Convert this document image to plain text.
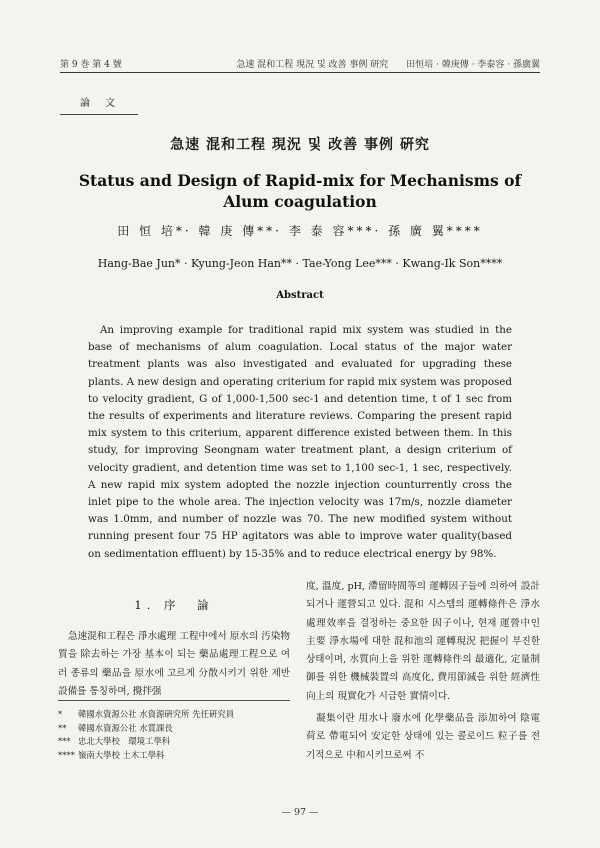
第 9 巻 第 4 號	急速 混和工程 現況 및 改善 事例 研究　　田恒培 · 韓庚傳 · 李泰容 · 孫廣翼
論 文
急速 混和工程 現況 및 改善 事例 硏究
Status and Design of Rapid-mix for Mechanisms of
Alum coagulation
田 恒 培*· 韓 庚 傳**· 李 泰 容***· 孫 廣 翼****
Hang-Bae Jun* · Kyung-Jeon Han** · Tae-Yong Lee*** · Kwang-Ik Son****
Abstract
An improving example for traditional rapid mix system was studied in the base of mechanisms of alum coagulation. Local status of the major water treatment plants was also investigated and evaluated for upgrading these plants. A new design and operating criterium for rapid mix system was proposed to velocity gradient, G of 1,000-1,500 sec-1 and detention time, t of 1 sec from the results of experiments and literature reviews. Comparing the present rapid mix system to this criterium, apparent difference existed between them. In this study, for improving Seongnam water treatment plant, a design criterium of velocity gradient, and detention time was set to 1,100 sec-1, 1 sec, respectively. A new rapid mix system adopted the nozzle injection counturrently cross the inlet pipe to the whole area. The injection velocity was 17m/s, nozzle diameter was 1.0mm, and number of nozzle was 70. The new modified system without running present four 75 HP agitators was able to improve water quality(based on sedimentation effluent) by 15-35% and to reduce electrical energy by 98%.
1. 序　論
急速混和工程은 淨水處理 工程中에서 原水의 汚染物質을 除去하는 가장 基本이 되는 藥品處理工程으로 여러 종류의 藥品을 原水에 고르게 分散시키기 위한 제반設備를 통칭하며, 攪拌强
* 韓國水資源公社 水資源硏究所 先任硏究員
** 韓國水資源公社 水質課長
*** 忠北大學校　環境工學科
**** 嶺南大學校 土木工學科

度, 溫度, pH, 滯留時間等의 運轉因子들에 의하여 設計되거나 運營되고 있다. 混和 시스템의 運轉條件은 淨水處理效率을 결정하는 중요한 因子이나, 현재 運營中인 主要 淨水場에 대한 混和池의 運轉現況 把握이 부진한 상태이며, 水質向上을 위한 運轉條件의 最適化, 定量制御를 위한 機械裝置의 高度化, 費用節減을 위한 經濟性向上의 現實化가 시급한 實情이다.

凝集이란 用水나 廢水에 化學藥品을 添加하여 陰電荷로 帶電되어 安定한 상태에 있는 콜로이드 粒子를 전기적으로 中和시키므로써 不

— 97 —
